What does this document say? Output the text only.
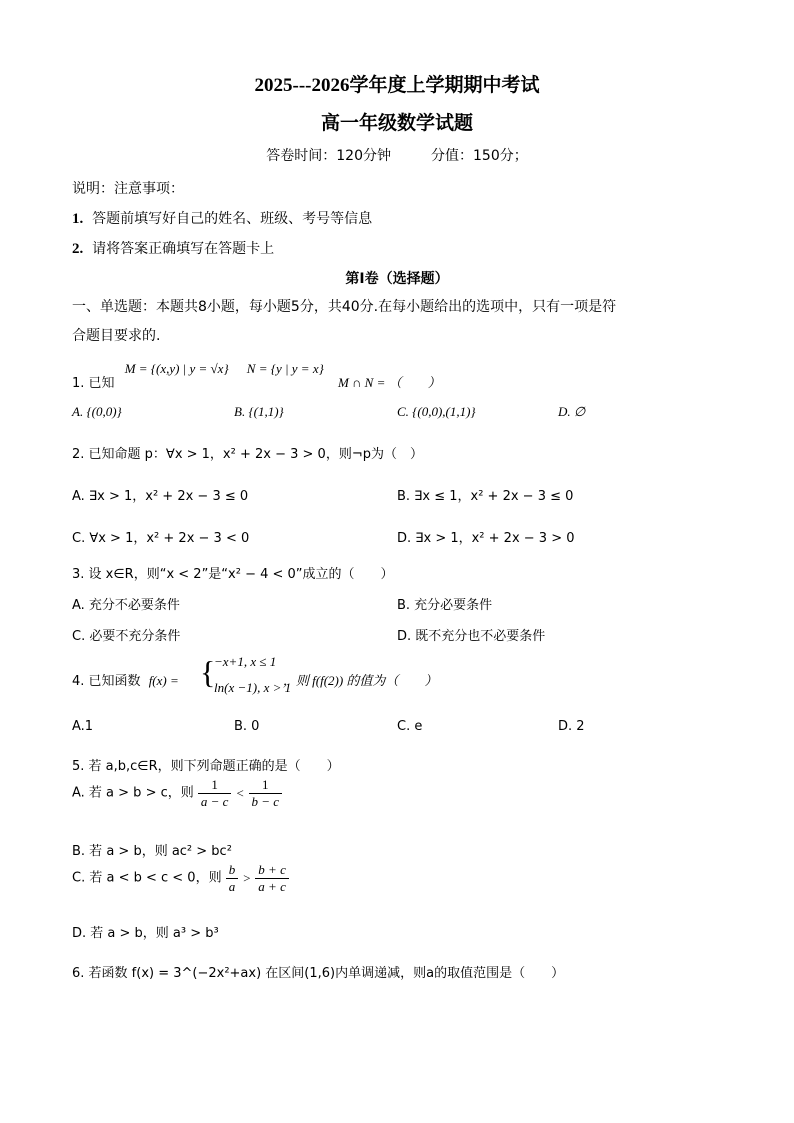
2025---2026学年度上学期期中考试
高一年级数学试题
答卷时间：120分钟	分值：150分；
说明：注意事项：
1. 答题前填写好自己的姓名、班级、考号等信息
2. 请将答案正确填写在答题卡上
第Ⅰ卷（选择题）
一、单选题：本题共8小题，每小题5分，共40分.在每小题给出的选项中，只有一项是符
合题目要求的.
1. 已知 M = {(x,y) | y = √x} N = {y | y = x} M ∩ N = （　　）
A. {(0,0)}	B. {(1,1)}	C. {(0,0),(1,1)}	D. ∅
2. 已知命题 p：∀x > 1，x² + 2x − 3 > 0，则¬p为（　）
A. ∃x > 1，x² + 2x − 3 ≤ 0	B. ∃x ≤ 1，x² + 2x − 3 ≤ 0
C. ∀x > 1，x² + 2x − 3 < 0	D. ∃x > 1，x² + 2x − 3 > 0
3. 设 x∈R，则“x < 2”是“x² − 4 < 0”成立的（　　）
A. 充分不必要条件	B. 充分必要条件
C. 必要不充分条件	D. 既不充分也不必要条件
4. 已知函数 f(x) =	，则 f(f(2)) 的值为（　　）
{
−x+1, x ≤ 1
ln(x −1), x > 1
A.1	B. 0	C. e	D. 2
5. 若 a,b,c∈R，则下列命题正确的是（　　）
A. 若 a > b > c，则 $\frac{1}{a - c} < \frac{1}{b - c}$
B. 若 a > b，则 ac² > bc²
C. 若 a < b < c < 0，则 $\frac{b}{a} > \frac{b + c}{a + c}$
D. 若 a > b，则 a³ > b³
6. 若函数 f(x) = 3^(−2x²+ax) 在区间(1,6)内单调递减，则a的取值范围是（　　）
